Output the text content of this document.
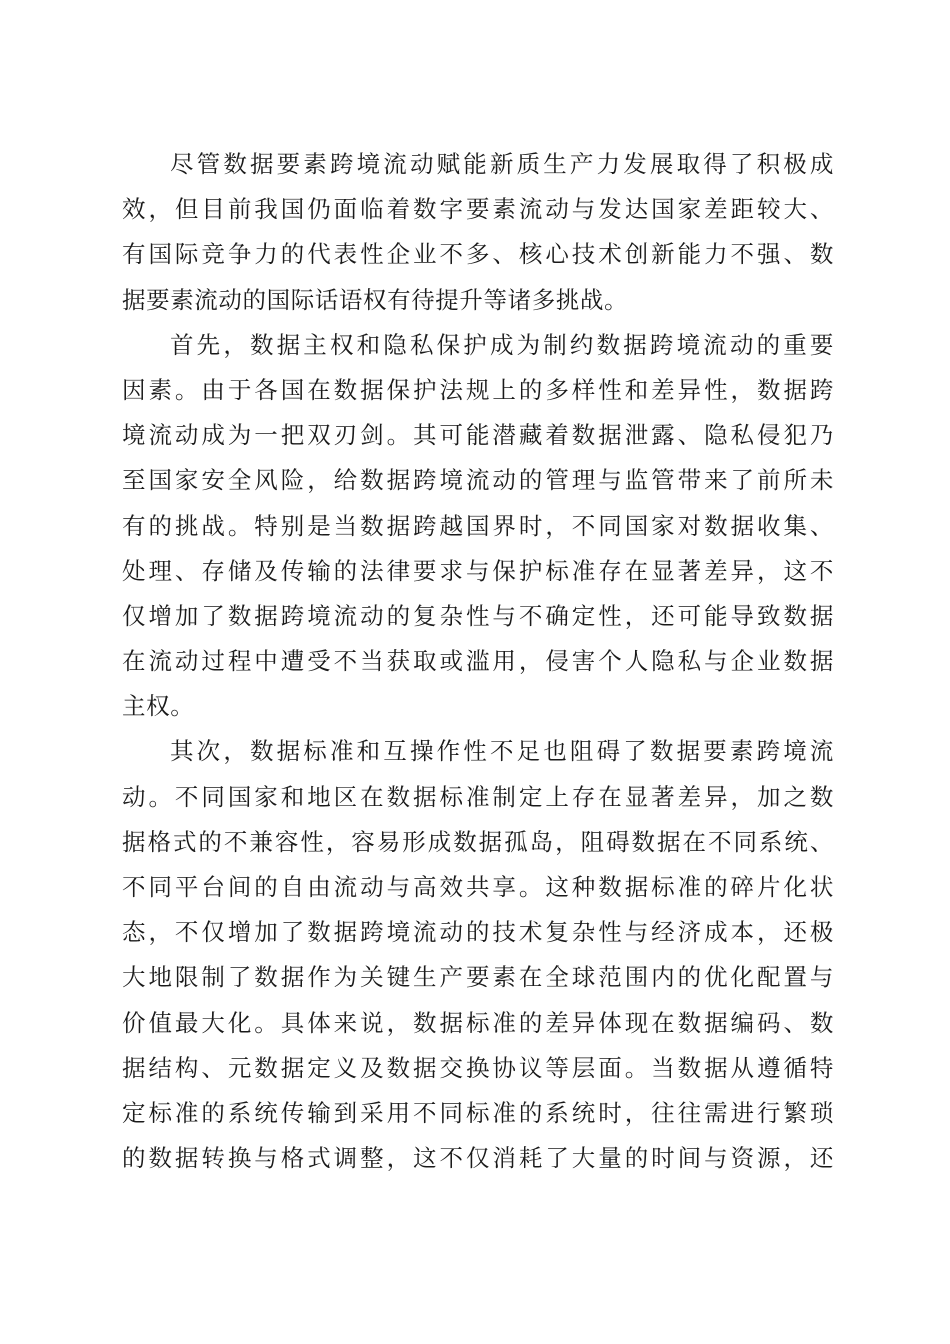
尽管数据要素跨境流动赋能新质生产力发展取得了积极成
效，但目前我国仍面临着数字要素流动与发达国家差距较大、
有国际竞争力的代表性企业不多、核心技术创新能力不强、数
据要素流动的国际话语权有待提升等诸多挑战。
首先，数据主权和隐私保护成为制约数据跨境流动的重要
因素。由于各国在数据保护法规上的多样性和差异性，数据跨
境流动成为一把双刃剑。其可能潜藏着数据泄露、隐私侵犯乃
至国家安全风险，给数据跨境流动的管理与监管带来了前所未
有的挑战。特别是当数据跨越国界时，不同国家对数据收集、
处理、存储及传输的法律要求与保护标准存在显著差异，这不
仅增加了数据跨境流动的复杂性与不确定性，还可能导致数据
在流动过程中遭受不当获取或滥用，侵害个人隐私与企业数据
主权。
其次，数据标准和互操作性不足也阻碍了数据要素跨境流
动。不同国家和地区在数据标准制定上存在显著差异，加之数
据格式的不兼容性，容易形成数据孤岛，阻碍数据在不同系统、
不同平台间的自由流动与高效共享。这种数据标准的碎片化状
态，不仅增加了数据跨境流动的技术复杂性与经济成本，还极
大地限制了数据作为关键生产要素在全球范围内的优化配置与
价值最大化。具体来说，数据标准的差异体现在数据编码、数
据结构、元数据定义及数据交换协议等层面。当数据从遵循特
定标准的系统传输到采用不同标准的系统时，往往需进行繁琐
的数据转换与格式调整，这不仅消耗了大量的时间与资源，还
